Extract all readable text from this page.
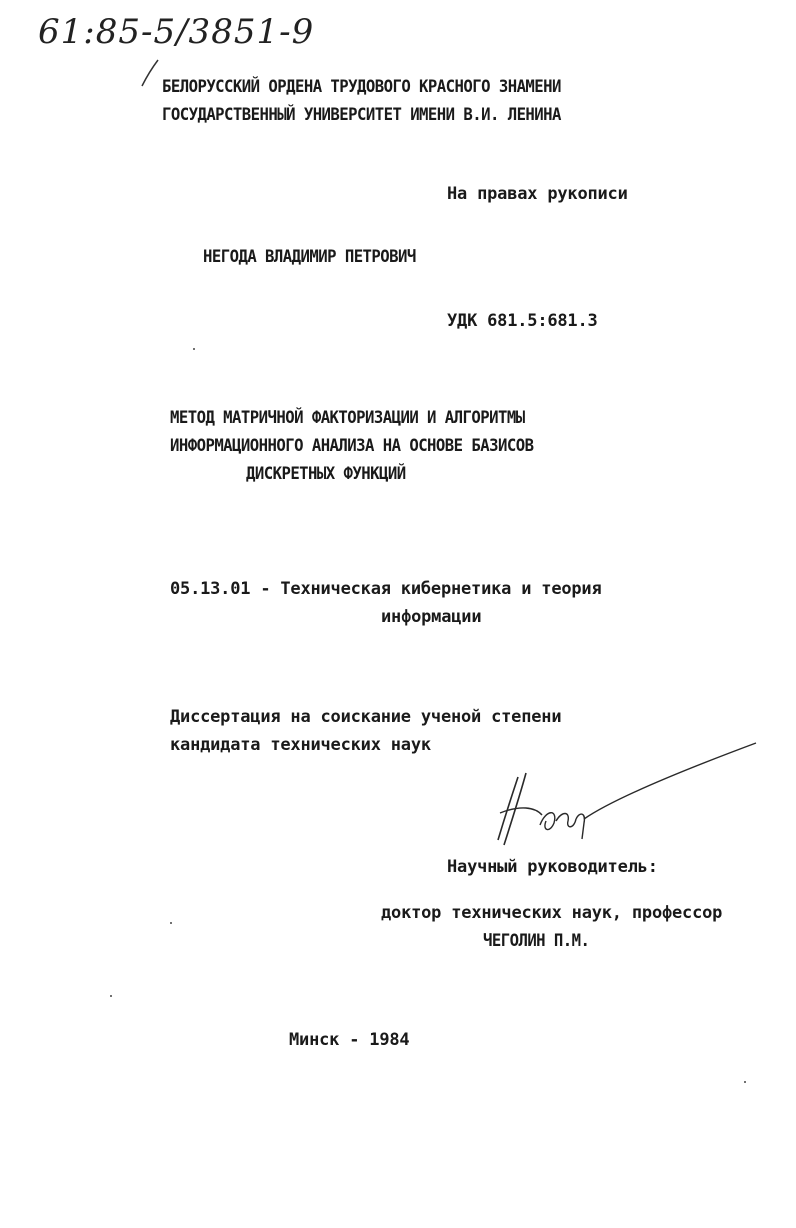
61:85-5/3851-9
БЕЛОРУССКИЙ ОРДЕНА ТРУДОВОГО КРАСНОГО ЗНАМЕНИ
ГОСУДАРСТВЕННЫЙ УНИВЕРСИТЕТ ИМЕНИ В.И. ЛЕНИНА
На правах рукописи
НЕГОДА ВЛАДИМИР ПЕТРОВИЧ
УДК 681.5:681.3
МЕТОД МАТРИЧНОЙ ФАКТОРИЗАЦИИ И АЛГОРИТМЫ
ИНФОРМАЦИОННОГО АНАЛИЗА НА ОСНОВЕ БАЗИСОВ
ДИСКРЕТНЫХ ФУНКЦИЙ
05.13.01 - Техническая кибернетика и теория
информации
Диссертация на соискание ученой степени
кандидата технических наук
Научный руководитель:
доктор технических наук, профессор
ЧЕГОЛИН П.М.
Минск - 1984
